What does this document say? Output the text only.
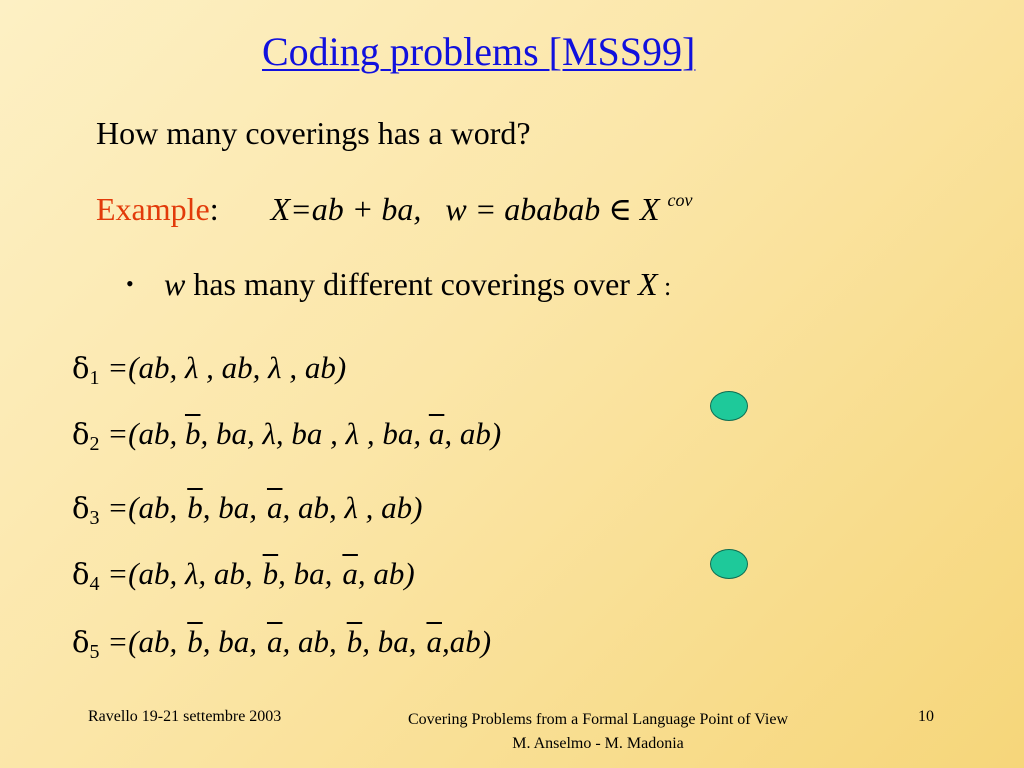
Coding problems [MSS99]
How many coverings has a word?
Example: X=ab + ba, w = ababab ∈ X $^{cov}$
• w has many different coverings over X :
$\delta_1 =(ab$, λ , ab, λ , ab)
$\delta_2 =(ab$, $\overline{b}$, ba, λ, ba , λ , ba, $\overline{a}$, ab)
$\delta_3 =(ab$, $\overline{b}$, ba, $\overline{a}$, ab, λ , ab)
$\delta_4 =(ab$, λ, ab, $\overline{b}$, ba, $\overline{a}$, ab)
$\delta_5 =(ab$, $\overline{b}$, ba, $\overline{a}$, ab, $\overline{b}$, ba, $\overline{a},ab$)
Ravello 19-21 settembre 2003	Covering Problems from a Formal Language Point of View
M. Anselmo - M. Madonia
10
